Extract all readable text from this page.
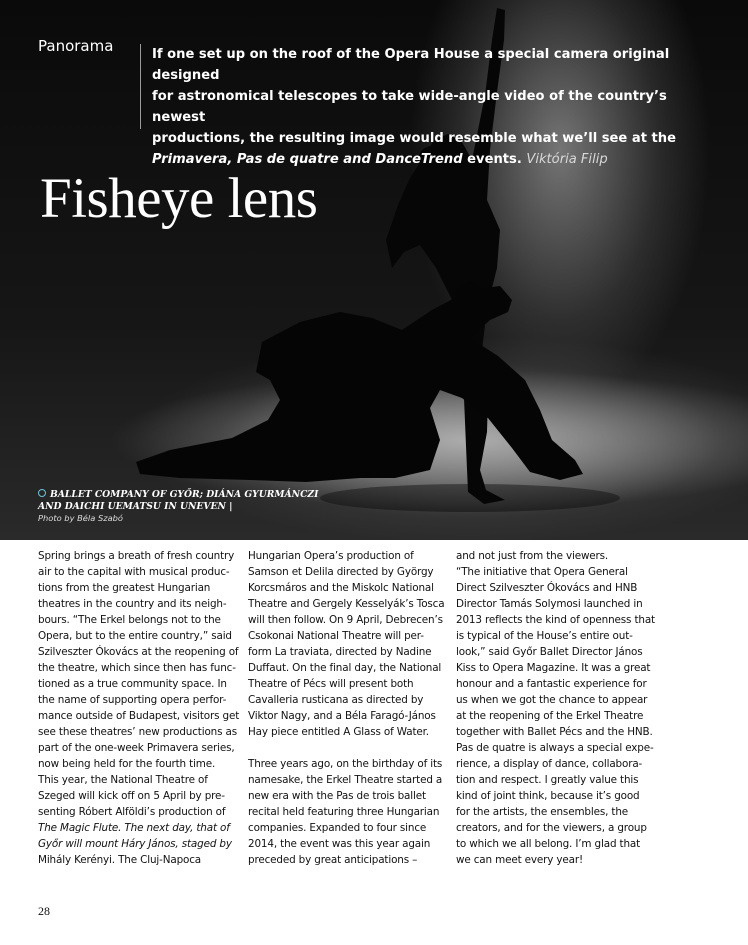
Panorama	If one set up on the roof of the Opera House a special camera original designed
for astronomical telescopes to take wide-angle video of the country’s newest
productions, the resulting image would resemble what we’ll see at the
Primavera, Pas de quatre and DanceTrend events. Viktória Filip
Fisheye lens
BALLET COMPANY OF GYŐR; DIÁNA GYURMÁNCZI
AND DAICHI UEMATSU IN UNEVEN |
Photo by Béla Szabó

Spring brings a breath of fresh country
air to the capital with musical produc-
tions from the greatest Hungarian
theatres in the country and its neigh-
bours. “The Erkel belongs not to the
Opera, but to the entire country,” said
Szilveszter Ókovács at the reopening of
the theatre, which since then has func-
tioned as a true community space. In
the name of supporting opera perfor-
mance outside of Budapest, visitors get
see these theatres’ new productions as
part of the one-week Primavera series,
now being held for the fourth time.
This year, the National Theatre of
Szeged will kick off on 5 April by pre-
senting Róbert Alföldi’s production of
The Magic Flute. The next day, that of
Győr will mount Háry János, staged by
Mihály Kerényi. The Cluj-Napoca

Hungarian Opera’s production of
Samson et Delila directed by György
Korcsmáros and the Miskolc National
Theatre and Gergely Kesselyák’s Tosca
will then follow. On 9 April, Debrecen’s
Csokonai National Theatre will per-
form La traviata, directed by Nadine
Duffaut. On the final day, the National
Theatre of Pécs will present both
Cavalleria rusticana as directed by
Viktor Nagy, and a Béla Faragó-János
Hay piece entitled A Glass of Water.

Three years ago, on the birthday of its
namesake, the Erkel Theatre started a
new era with the Pas de trois ballet
recital held featuring three Hungarian
companies. Expanded to four since
2014, the event was this year again
preceded by great anticipations –

and not just from the viewers.
“The initiative that Opera General
Direct Szilveszter Ókovács and HNB
Director Tamás Solymosi launched in
2013 reflects the kind of openness that
is typical of the House’s entire out-
look,” said Győr Ballet Director János
Kiss to Opera Magazine. It was a great
honour and a fantastic experience for
us when we got the chance to appear
at the reopening of the Erkel Theatre
together with Ballet Pécs and the HNB.
Pas de quatre is always a special expe-
rience, a display of dance, collabora-
tion and respect. I greatly value this
kind of joint think, because it’s good
for the artists, the ensembles, the
creators, and for the viewers, a group
to which we all belong. I’m glad that
we can meet every year!

28
